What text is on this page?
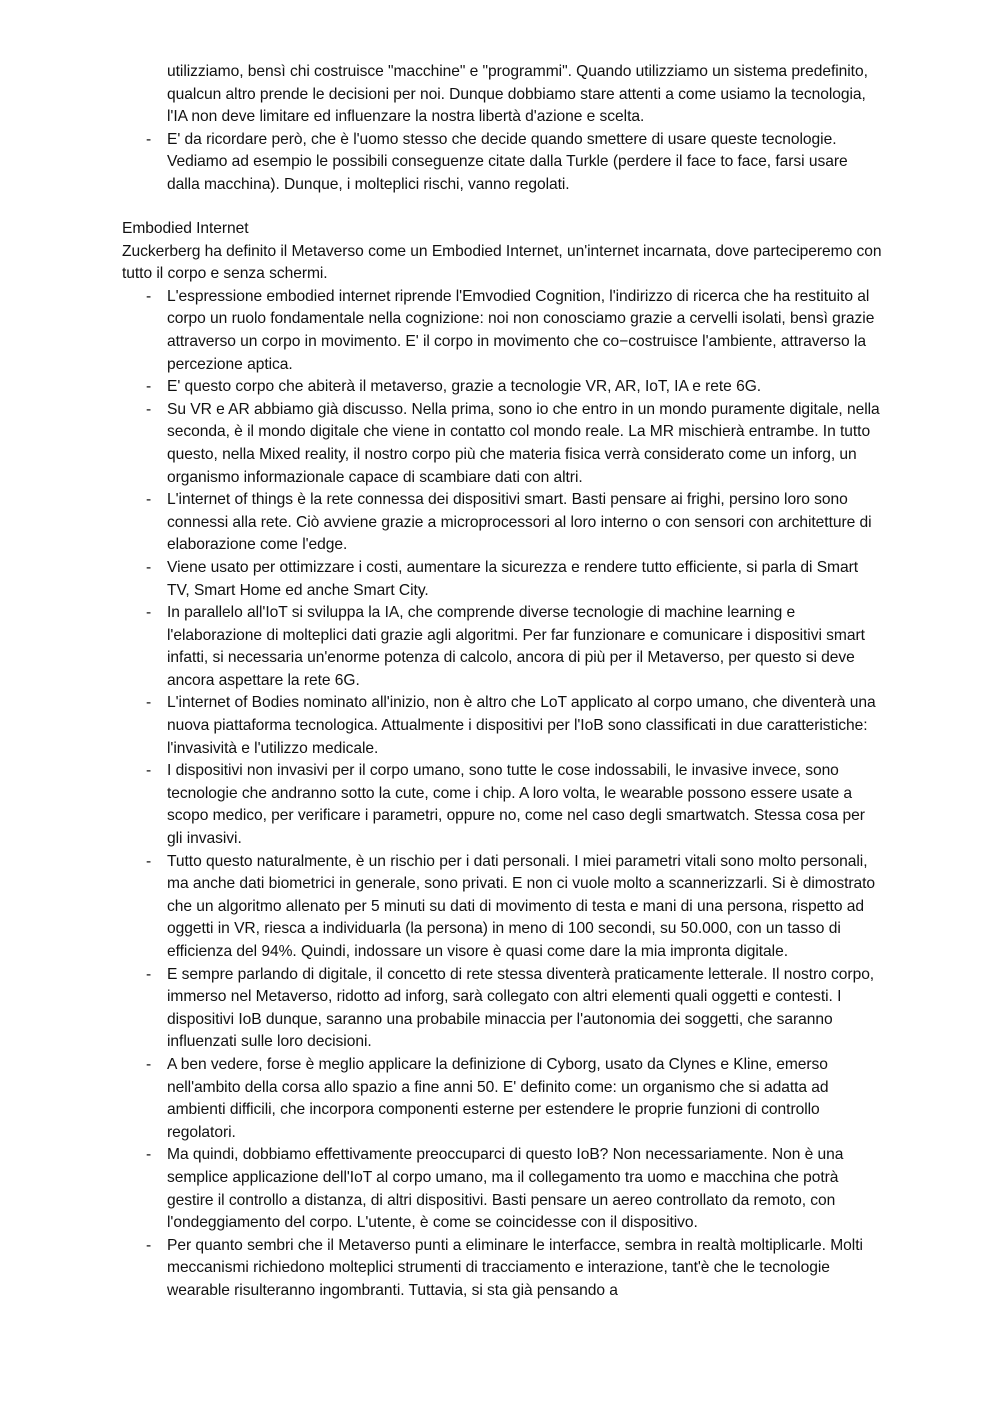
utilizziamo, bensì chi costruisce "macchine" e "programmi". Quando utilizziamo un sistema predefinito, qualcun altro prende le decisioni per noi. Dunque dobbiamo stare attenti a come usiamo la tecnologia, l'IA non deve limitare ed influenzare la nostra libertà d'azione e scelta.

- E' da ricordare però, che è l'uomo stesso che decide quando smettere di usare queste tecnologie. Vediamo ad esempio le possibili conseguenze citate dalla Turkle (perdere il face to face, farsi usare dalla macchina). Dunque, i molteplici rischi, vanno regolati.

Embodied Internet

Zuckerberg ha definito il Metaverso come un Embodied Internet, un'internet incarnata, dove parteciperemo con tutto il corpo e senza schermi.

- L'espressione embodied internet riprende l'Emvodied Cognition, l'indirizzo di ricerca che ha restituito al corpo un ruolo fondamentale nella cognizione: noi non conosciamo grazie a cervelli isolati, bensì grazie attraverso un corpo in movimento. E' il corpo in movimento che co−costruisce l'ambiente, attraverso la percezione aptica.
- E' questo corpo che abiterà il metaverso, grazie a tecnologie VR, AR, IoT, IA e rete 6G.
- Su VR e AR abbiamo già discusso. Nella prima, sono io che entro in un mondo puramente digitale, nella seconda, è il mondo digitale che viene in contatto col mondo reale. La MR mischierà entrambe. In tutto questo, nella Mixed reality, il nostro corpo più che materia fisica verrà considerato come un inforg, un organismo informazionale capace di scambiare dati con altri.
- L'internet of things è la rete connessa dei dispositivi smart. Basti pensare ai frighi, persino loro sono connessi alla rete. Ciò avviene grazie a microprocessori al loro interno o con sensori con architetture di elaborazione come l'edge.
- Viene usato per ottimizzare i costi, aumentare la sicurezza e rendere tutto efficiente, si parla di Smart TV, Smart Home ed anche Smart City.
- In parallelo all'IoT si sviluppa la IA, che comprende diverse tecnologie di machine learning e l'elaborazione di molteplici dati grazie agli algoritmi. Per far funzionare e comunicare i dispositivi smart infatti, si necessaria un'enorme potenza di calcolo, ancora di più per il Metaverso, per questo si deve ancora aspettare la rete 6G.
- L'internet of Bodies nominato all'inizio, non è altro che LoT applicato al corpo umano, che diventerà una nuova piattaforma tecnologica. Attualmente i dispositivi per l'IoB sono classificati in due caratteristiche: l'invasività e l'utilizzo medicale.
- I dispositivi non invasivi per il corpo umano, sono tutte le cose indossabili, le invasive invece, sono tecnologie che andranno sotto la cute, come i chip. A loro volta, le wearable possono essere usate a scopo medico, per verificare i parametri, oppure no, come nel caso degli smartwatch. Stessa cosa per gli invasivi.
- Tutto questo naturalmente, è un rischio per i dati personali. I miei parametri vitali sono molto personali, ma anche dati biometrici in generale, sono privati. E non ci vuole molto a scannerizzarli. Si è dimostrato che un algoritmo allenato per 5 minuti su dati di movimento di testa e mani di una persona, rispetto ad oggetti in VR, riesca a individuarla (la persona) in meno di 100 secondi, su 50.000, con un tasso di efficienza del 94%. Quindi, indossare un visore è quasi come dare la mia impronta digitale.
- E sempre parlando di digitale, il concetto di rete stessa diventerà praticamente letterale. Il nostro corpo, immerso nel Metaverso, ridotto ad inforg, sarà collegato con altri elementi quali oggetti e contesti. I dispositivi IoB dunque, saranno una probabile minaccia per l'autonomia dei soggetti, che saranno influenzati sulle loro decisioni.
- A ben vedere, forse è meglio applicare la definizione di Cyborg, usato da Clynes e Kline, emerso nell'ambito della corsa allo spazio a fine anni 50. E' definito come: un organismo che si adatta ad ambienti difficili, che incorpora componenti esterne per estendere le proprie funzioni di controllo regolatori.
- Ma quindi, dobbiamo effettivamente preoccuparci di questo IoB? Non necessariamente. Non è una semplice applicazione dell'IoT al corpo umano, ma il collegamento tra uomo e macchina che potrà gestire il controllo a distanza, di altri dispositivi. Basti pensare un aereo controllato da remoto, con l'ondeggiamento del corpo. L'utente, è come se coincidesse con il dispositivo.
- Per quanto sembri che il Metaverso punti a eliminare le interfacce, sembra in realtà moltiplicarle. Molti meccanismi richiedono molteplici strumenti di tracciamento e interazione, tant'è che le tecnologie wearable risulteranno ingombranti. Tuttavia, si sta già pensando a
